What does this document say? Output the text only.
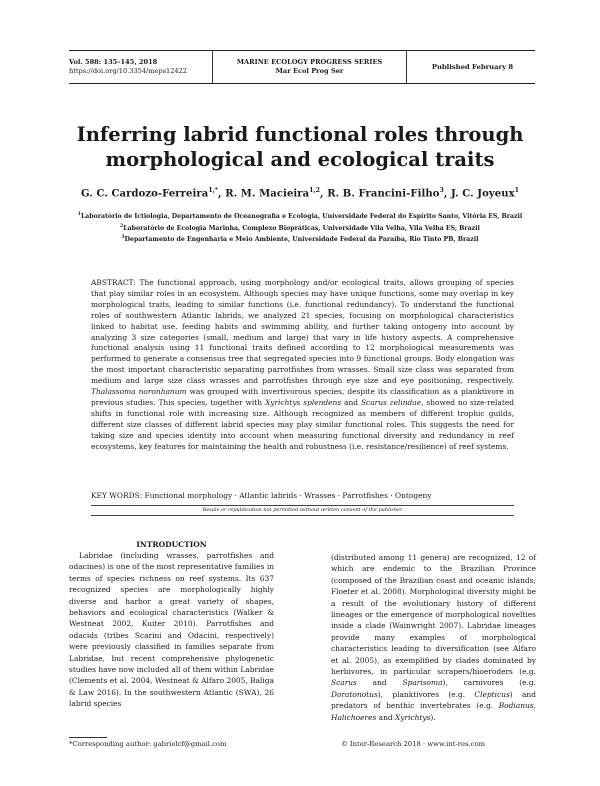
Vol. 588: 135–145, 2018
https://doi.org/10.3354/meps12422
MARINE ECOLOGY PROGRESS SERIES
Mar Ecol Prog Ser	Published February 8
Inferring labrid functional roles through
morphological and ecological traits
G. C. Cardozo-Ferreira$^{1,*}$, R. M. Macieira$^{1,2}$, R. B. Francini-Filho$^3$, J. C. Joyeux$^1$
$^1$Laboratório de Ictiologia, Departamento de Oceanografia e Ecologia, Universidade Federal do Espírito Santo, Vitória ES, Brazil
$^2$Laboratório de Ecologia Marinha, Complexo Biopráticas, Universidade Vila Velha, Vila Velha ES, Brazil
$^3$Departamento de Engenharia e Meio Ambiente, Universidade Federal da Paraíba, Rio Tinto PB, Brazil
ABSTRACT: The functional approach, using morphology and/or ecological traits, allows grouping of species that play similar roles in an ecosystem. Although species may have unique functions, some may overlap in key morphological traits, leading to similar functions (i.e. functional redundancy). To understand the functional roles of southwestern Atlantic labrids, we analyzed 21 species, focusing on morphological characteristics linked to habitat use, feeding habits and swimming ability, and further taking ontogeny into account by analyzing 3 size categories (small, medium and large) that vary in life history aspects. A comprehensive functional analysis using 11 functional traits defined according to 12 morphological measurements was performed to generate a consensus tree that segregated species into 9 functional groups. Body elongation was the most important characteristic separating parrotfishes from wrasses. Small size class was separated from medium and large size class wrasses and parrotfishes through eye size and eye positioning, respectively. Thalassoma noronhanum was grouped with invertivorous species, despite its classification as a planktivore in previous studies. This species, together with Xyrichtys splendens and Scarus zelindae, showed no size-related shifts in functional role with increasing size. Although recognized as members of different trophic guilds, different size classes of different labrid species may play similar functional roles. This suggests the need for taking size and species identity into account when measuring functional diversity and redundancy in reef ecosystems, key features for maintaining the health and robustness (i.e. resistance/resilience) of reef systems.
KEY WORDS: Functional morphology · Atlantic labrids · Wrasses · Parrotfishes · Ontogeny
Resale or republication not permitted without written consent of the publisher
INTRODUCTION
Labridae (including wrasses, parrotfishes and odacines) is one of the most representative families in terms of species richness on reef systems. Its 637 recognized species are morphologically highly diverse and harbor a great variety of shapes, behaviors and ecological characteristics (Walker & Westneat 2002, Kuiter 2010). Parrotfishes and odacids (tribes Scarini and Odacini, respectively) were previously classified in families separate from Labridae, but recent comprehensive phylogenetic studies have now included all of them within Labridae (Clements et al. 2004, Westneat & Alfaro 2005, Baliga & Law 2016). In the southwestern Atlantic (SWA), 26 labrid species
(distributed among 11 genera) are recognized, 12 of which are endemic to the Brazilian Province (composed of the Brazilian coast and oceanic islands; Floeter et al. 2008). Morphological diversity might be a result of the evolutionary history of different lineages or the emergence of morphological novelties inside a clade (Wainwright 2007). Labridae lineages provide many examples of morphological characteristics leading to diversification (see Alfaro et al. 2005), as exemplified by clades dominated by herbivores, in particular scrapers/bioeroders (e.g. Scarus and Sparisoma), carnivores (e.g. Doratonotus), planktivores (e.g. Clepticus) and predators of benthic invertebrates (e.g. Bodianus, Halichoeres and Xyrichtys).
*Corresponding author: gabrielcf@gmail.com	© Inter-Research 2018 · www.int-res.com
